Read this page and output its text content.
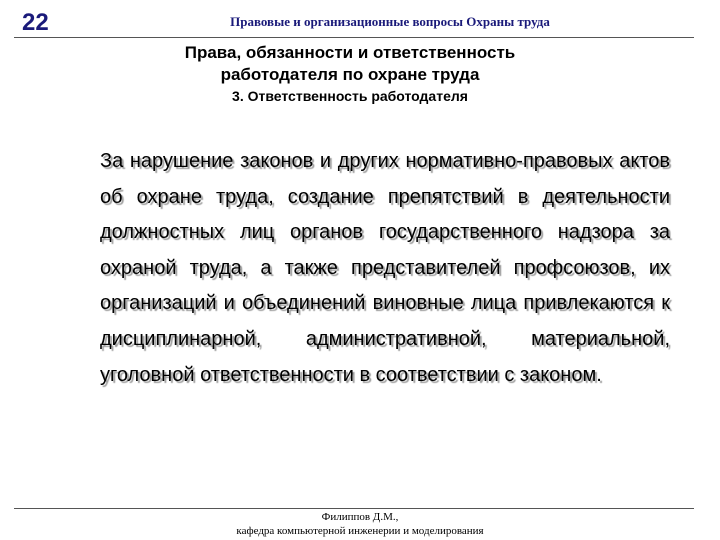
22	Правовые и организационные вопросы Охраны труда
Права, обязанности и ответственность
работодателя по охране труда
3. Ответственность работодателя
За нарушение законов и других нормативно-правовых актов об охране труда, создание препятствий в деятельности должностных лиц органов государственного надзора за охраной труда, а также представителей профсоюзов, их организаций и объединений виновные лица привлекаются к дисциплинарной, административной, материальной, уголовной ответственности в соответствии с законом.
Филиппов Д.М.,
кафедра компьютерной инженерии и моделирования
